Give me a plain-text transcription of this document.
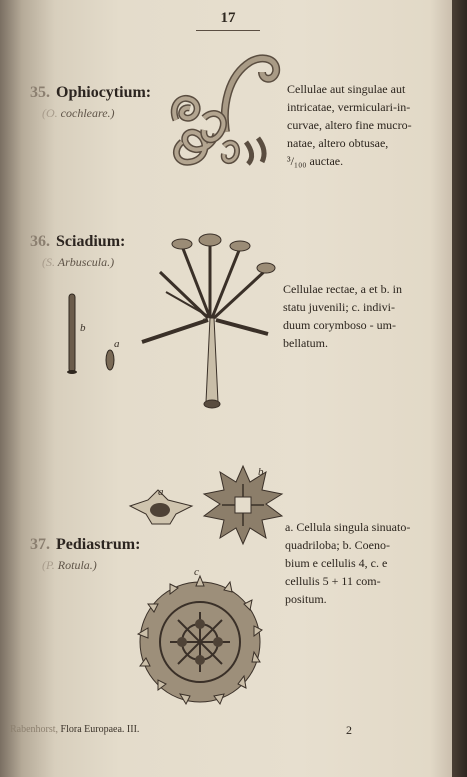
17
35. Ophiocytium:
(O. cochleare.)
Cellulae aut singulae aut
intricatae, vermiculari-in-
curvae, altero fine mucro-
natae, altero obtusae,
³/₁₀₀ auctae.
36. Sciadium:
(S. Arbuscula.)
b
a
c
Cellulae rectae, a et b. in
statu juvenili; c. indivi-
duum corymboso - um-
bellatum.
37. Pediastrum:
(P. Rotula.)
a
b
c
a. Cellula singula sinuato-
quadriloba; b. Coeno-
bium e cellulis 4, c. e
cellulis 5 + 11 com-
positum.
Rabenhorst, Flora Europaea. III.	2
